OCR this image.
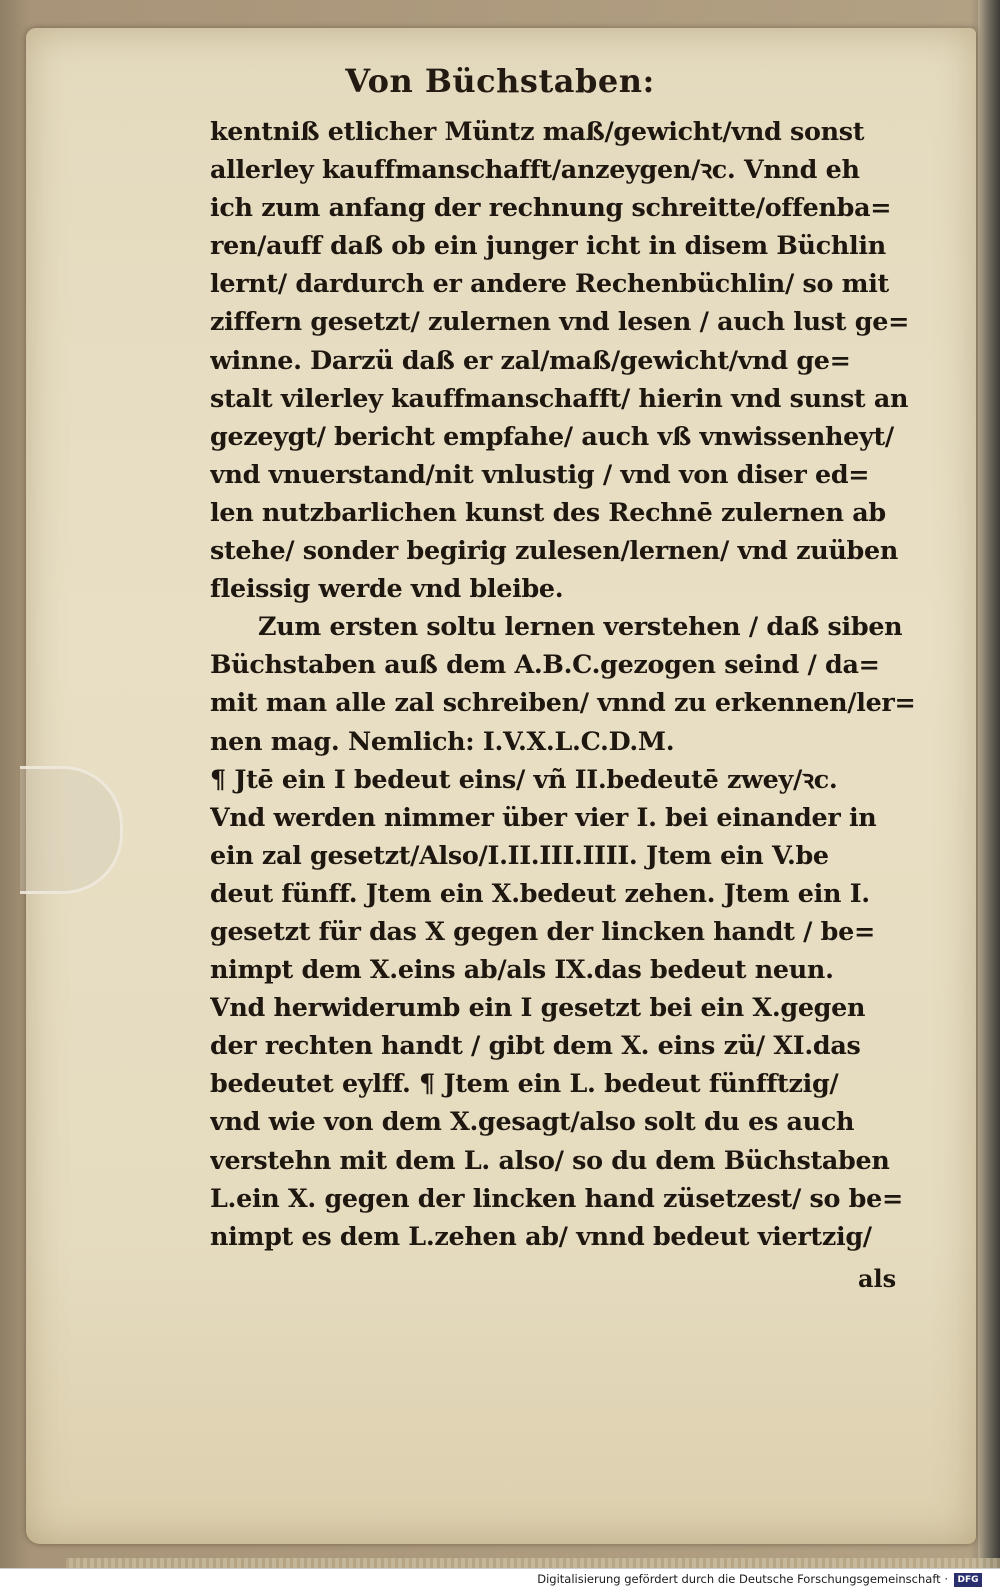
Von Büchstaben:
kentniß etlicher Müntz maß/gewicht/vnd sonst
allerley kauffmanschafft/anzeygen/ꝛc. Vnnd eh
ich zum anfang der rechnung schreitte/offenba=
ren/auff daß ob ein junger icht in disem Büchlin
lernt/ dardurch er andere Rechenbüchlin/ so mit
ziffern gesetzt/ zulernen vnd lesen / auch lust ge=
winne. Darzü daß er zal/maß/gewicht/vnd ge=
stalt vilerley kauffmanschafft/ hierin vnd sunst an
gezeygt/ bericht empfahe/ auch vß vnwissenheyt/
vnd vnuerstand/nit vnlustig / vnd von diser ed=
len nutzbarlichen kunst des Rechnē zulernen ab
stehe/ sonder begirig zulesen/lernen/ vnd zuüben
fleissig werde vnd bleibe.
Zum ersten soltu lernen verstehen / daß siben
Büchstaben auß dem A.B.C.gezogen seind / da=
mit man alle zal schreiben/ vnnd zu erkennen/ler=
nen mag. Nemlich: I.V.X.L.C.D.M.
¶ Jtē ein I bedeut eins/ vñ II.bedeutē zwey/ꝛc.
Vnd werden nimmer über vier I. bei einander in
ein zal gesetzt/Also/I.II.III.IIII. Jtem ein V.be
deut fünff. Jtem ein X.bedeut zehen. Jtem ein I.
gesetzt für das X gegen der lincken handt / be=
nimpt dem X.eins ab/als IX.das bedeut neun.
Vnd herwiderumb ein I gesetzt bei ein X.gegen
der rechten handt / gibt dem X. eins zü/ XI.das
bedeutet eylff. ¶ Jtem ein L. bedeut fünfftzig/
vnd wie von dem X.gesagt/also solt du es auch
verstehn mit dem L. also/ so du dem Büchstaben
L.ein X. gegen der lincken hand züsetzest/ so be=
nimpt es dem L.zehen ab/ vnnd bedeut viertzig/
als
Digitalisierung gefördert durch die Deutsche Forschungsgemeinschaft ·	DFG
